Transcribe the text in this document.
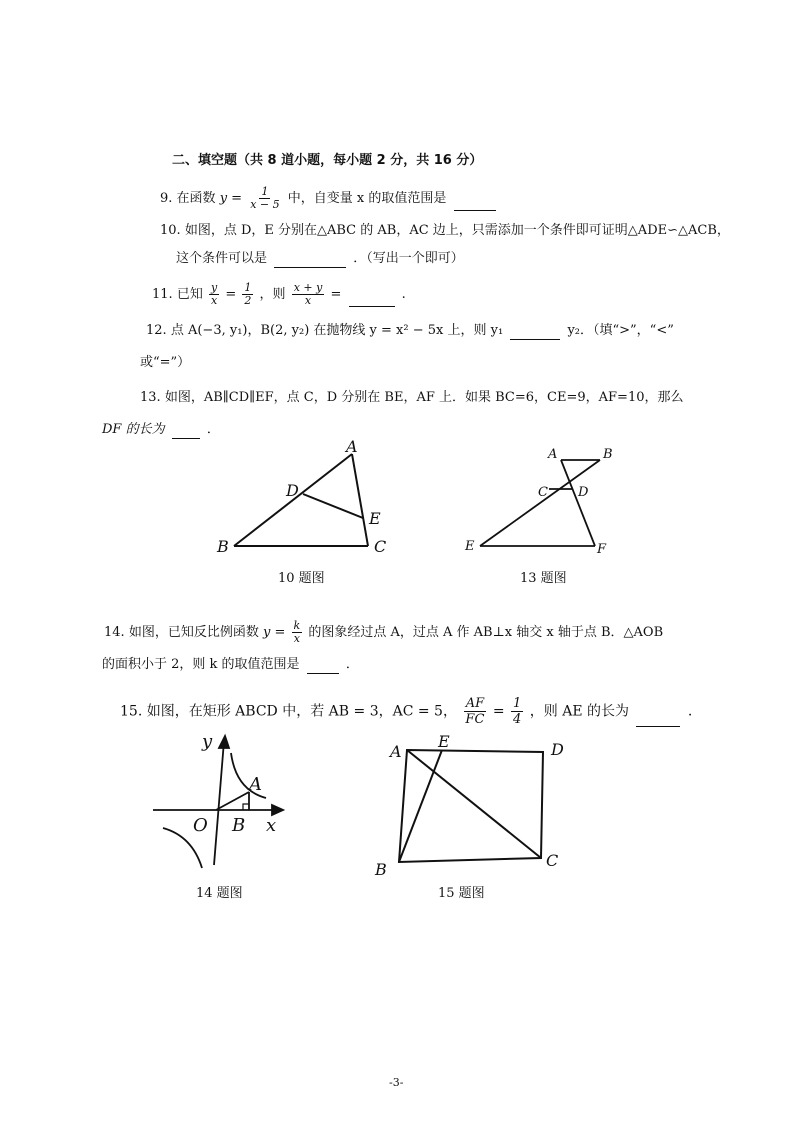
二、填空题（共 8 道小题，每小题 2 分，共 16 分）
9. 在函数 $y = \frac{1}{x - 5}$ 中，自变量 x 的取值范围是
10. 如图，点 D，E 分别在△ABC 的 AB，AC 边上，只需添加一个条件即可证明△ADE∽△ACB，
这个条件可以是	．（写出一个即可）
11. 已知 $\frac{y}{x} = \frac{1}{2}$ ，则 $\frac{x + y}{x}$ =	.
12. 点 A(−3, y₁)，B(2, y₂) 在抛物线 y = x² − 5x 上，则 y₁	y₂．（填“>”，“<”
或“=”）
13. 如图，AB∥CD∥EF，点 C，D 分别在 BE，AF 上．如果 BC=6，CE=9，AF=10，那么
DF 的长为	．
A
B	C
D
E
10 题图
A	B
C D
E	F
13 题图
14. 如图，已知反比例函数 $y = \frac{k}{x}$ 的图象经过点 A，过点 A 作 AB⊥x 轴交 x 轴于点 B．△AOB
的面积小于 2，则 k 的取值范围是	．
15. 如图，在矩形 ABCD 中，若 AB = 3，AC = 5， $\frac{AF}{FC} = \frac{1}{4}$ ，则 AE 的长为	.
y
x
O
A
B
14 题图
A
B	C
D
E
15 题图
-3-
